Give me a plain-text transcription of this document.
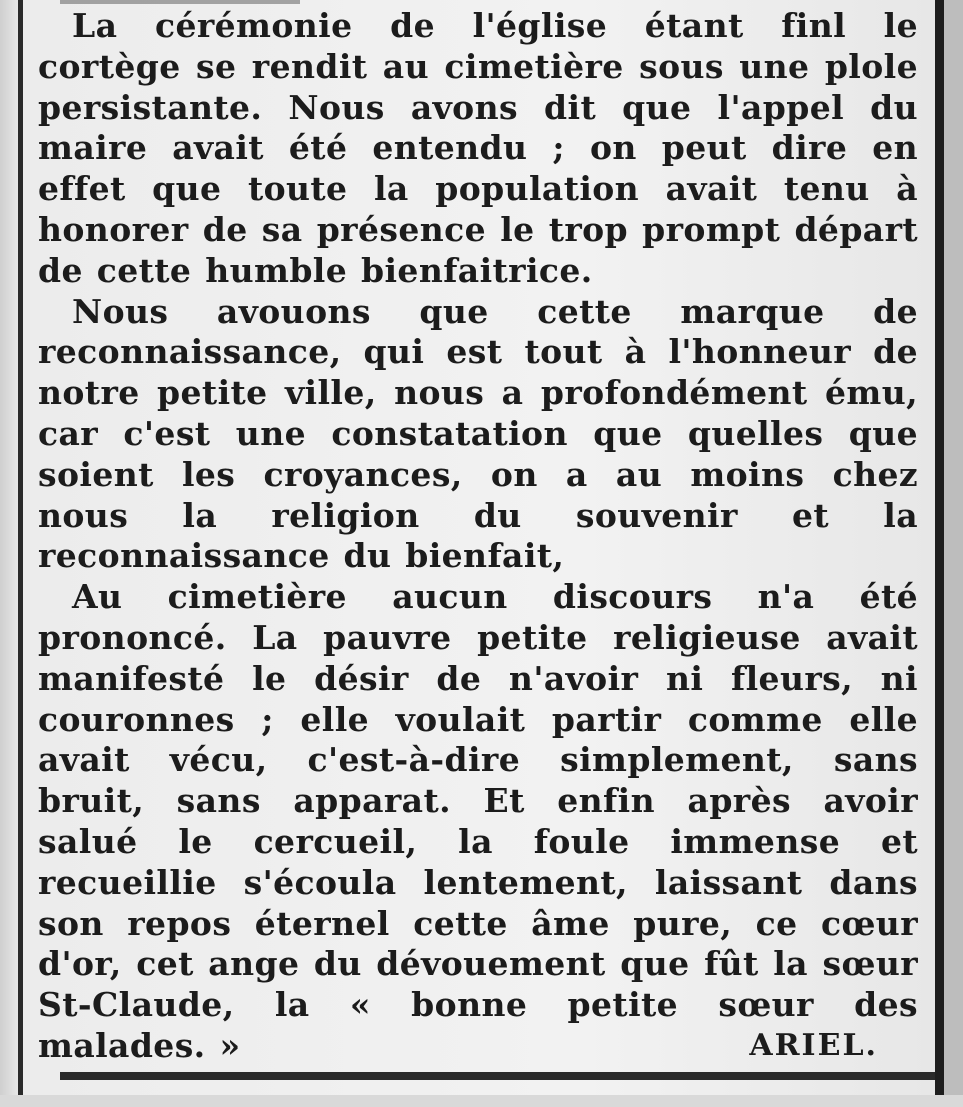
La cérémonie de l'église étant finl le cortège se rendit au cimetière sous une plole persistante. Nous avons dit que l'appel du maire avait été entendu ; on peut dire en effet que toute la population avait tenu à honorer de sa présence le trop prompt départ de cette humble bienfaitrice.

Nous avouons que cette marque de reconnaissance, qui est tout à l'honneur de notre petite ville, nous a profondément ému, car c'est une constatation que quelles que soient les croyances, on a au moins chez nous la religion du souvenir et la reconnaissance du bienfait,

Au cimetière aucun discours n'a été prononcé. La pauvre petite religieuse avait manifesté le désir de n'avoir ni fleurs, ni couronnes ; elle voulait partir comme elle avait vécu, c'est-à-dire simplement, sans bruit, sans apparat. Et enfin après avoir salué le cercueil, la foule immense et recueillie s'écoula lentement, laissant dans son repos éternel cette âme pure, ce cœur d'or, cet ange du dévouement que fût la sœur St-Claude, la « bonne petite sœur des malades. »	ARIEL.
